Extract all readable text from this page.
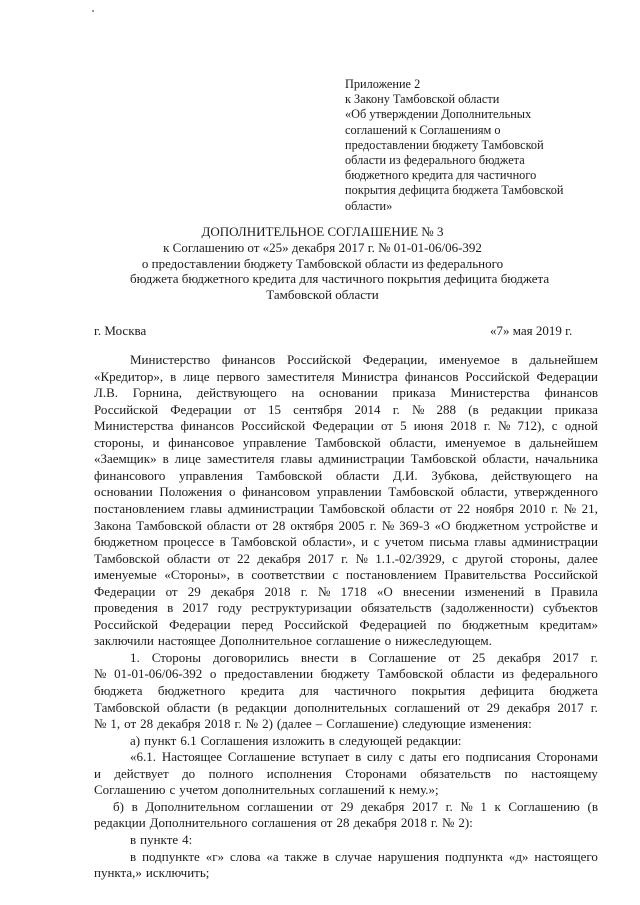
Приложение 2
к Закону Тамбовской области
«Об утверждении Дополнительных
соглашений к Соглашениям о
предоставлении бюджету Тамбовской
области из федерального бюджета
бюджетного кредита для частичного
покрытия дефицита бюджета Тамбовской
области»
ДОПОЛНИТЕЛЬНОЕ СОГЛАШЕНИЕ № 3
к Соглашению от «25» декабря 2017 г. № 01-01-06/06-392
о предоставлении бюджету Тамбовской области из федерального
бюджета бюджетного кредита для частичного покрытия дефицита бюджета
Тамбовской области
г. Москва	«7» мая 2019 г.
Министерство финансов Российской Федерации, именуемое в дальнейшем
«Кредитор», в лице первого заместителя Министра финансов Российской Федерации
Л.В. Горнина, действующего на основании приказа Министерства финансов
Российской Федерации от 15 сентября 2014 г. № 288 (в редакции приказа
Министерства финансов Российской Федерации от 5 июня 2018 г. № 712), с одной
стороны, и финансовое управление Тамбовской области, именуемое в дальнейшем
«Заемщик» в лице заместителя главы администрации Тамбовской области, начальника
финансового управления Тамбовской области Д.И. Зубкова, действующего на
основании Положения о финансовом управлении Тамбовской области, утвержденного
постановлением главы администрации Тамбовской области от 22 ноября 2010 г. № 21,
Закона Тамбовской области от 28 октября 2005 г. № 369-3 «О бюджетном устройстве и
бюджетном процессе в Тамбовской области», и с учетом письма главы администрации
Тамбовской области от 22 декабря 2017 г. № 1.1.-02/3929, с другой стороны, далее
именуемые «Стороны», в соответствии с постановлением Правительства Российской
Федерации от 29 декабря 2018 г. № 1718 «О внесении изменений в Правила
проведения в 2017 году реструктуризации обязательств (задолженности) субъектов
Российской Федерации перед Российской Федерацией по бюджетным кредитам»
заключили настоящее Дополнительное соглашение о нижеследующем.
1. Стороны договорились внести в Соглашение от 25 декабря 2017 г.
№ 01-01-06/06-392 о предоставлении бюджету Тамбовской области из федерального
бюджета бюджетного кредита для частичного покрытия дефицита бюджета
Тамбовской области (в редакции дополнительных соглашений от 29 декабря 2017 г.
№ 1, от 28 декабря 2018 г. № 2) (далее – Соглашение) следующие изменения:
а) пункт 6.1 Соглашения изложить в следующей редакции:
«6.1. Настоящее Соглашение вступает в силу с даты его подписания Сторонами
и действует до полного исполнения Сторонами обязательств по настоящему
Соглашению с учетом дополнительных соглашений к нему.»;
б) в Дополнительном соглашении от 29 декабря 2017 г. № 1 к Соглашению (в
редакции Дополнительного соглашения от 28 декабря 2018 г. № 2):
в пункте 4:
в подпункте «г» слова «а также в случае нарушения подпункта «д» настоящего
пункта,» исключить;
